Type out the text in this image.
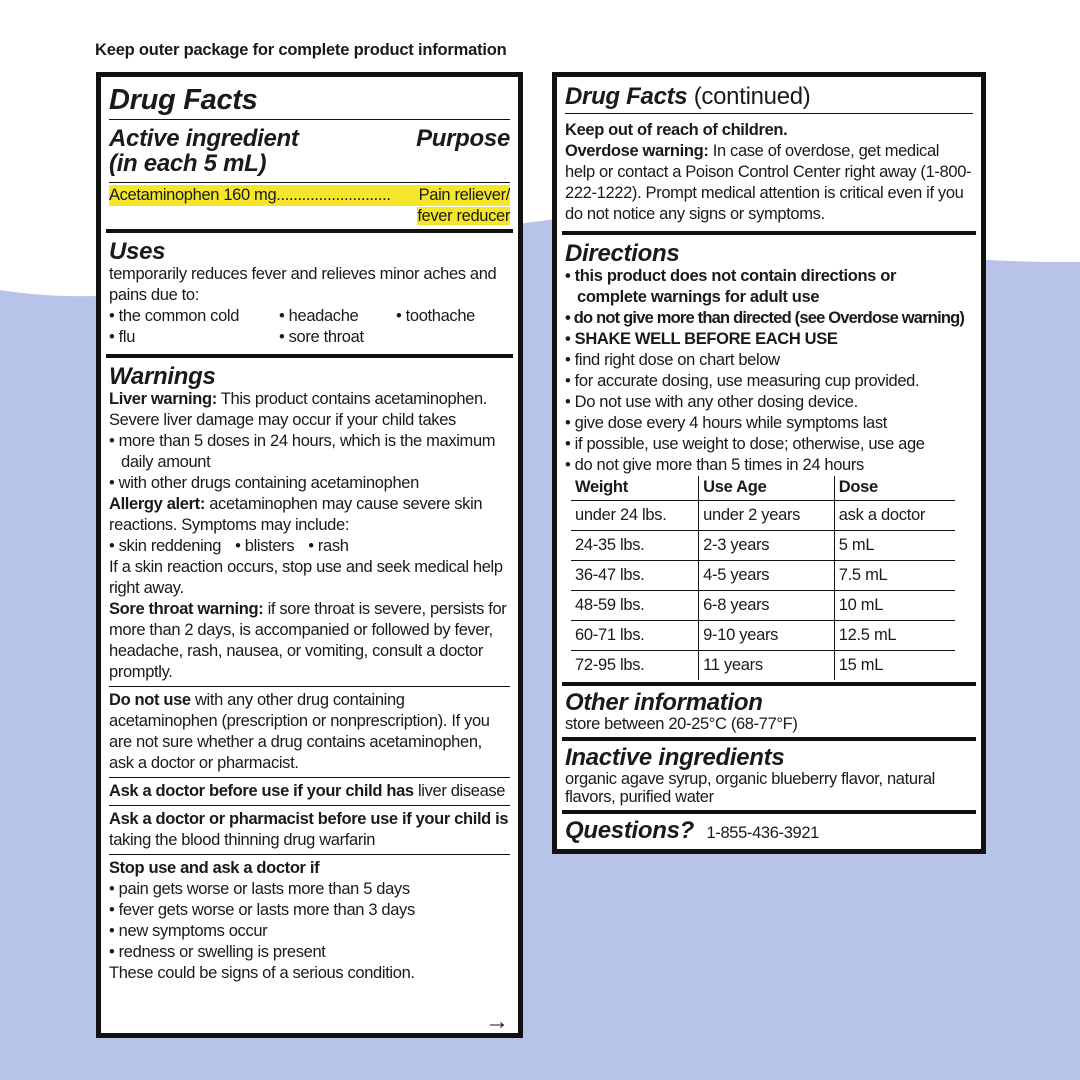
Keep outer package for complete product information
Drug Facts
Active ingredient
(in each 5 mL)
Purpose
Acetaminophen 160 mg...........................	Pain reliever/
fever reducer
Uses
temporarily reduces fever and relieves minor aches and pains due to:
• the common cold
• flu
• headache
• sore throat
• toothache
Warnings
Liver warning: This product contains acetaminophen. Severe liver damage may occur if your child takes
• more than 5 doses in 24 hours, which is the maximum daily amount
• with other drugs containing acetaminophen
Allergy alert: acetaminophen may cause severe skin reactions. Symptoms may include:
• skin reddening • blisters • rash
If a skin reaction occurs, stop use and seek medical help right away.
Sore throat warning: if sore throat is severe, persists for more than 2 days, is accompanied or followed by fever, headache, rash, nausea, or vomiting, consult a doctor promptly.
Do not use with any other drug containing acetaminophen (prescription or nonprescription). If you are not sure whether a drug contains acetaminophen, ask a doctor or pharmacist.
Ask a doctor before use if your child has liver disease
Ask a doctor or pharmacist before use if your child is taking the blood thinning drug warfarin
Stop use and ask a doctor if
• pain gets worse or lasts more than 5 days
• fever gets worse or lasts more than 3 days
• new symptoms occur
• redness or swelling is present
These could be signs of a serious condition.
→
Drug Facts (continued)
Keep out of reach of children.
Overdose warning: In case of overdose, get medical help or contact a Poison Control Center right away (1-800-222-1222). Prompt medical attention is critical even if you do not notice any signs or symptoms.
Directions
• this product does not contain directions or
complete warnings for adult use
• do not give more than directed (see Overdose warning)
• SHAKE WELL BEFORE EACH USE
• find right dose on chart below
• for accurate dosing, use measuring cup provided.
• Do not use with any other dosing device.
• give dose every 4 hours while symptoms last
• if possible, use weight to dose; otherwise, use age
• do not give more than 5 times in 24 hours
Weight	Use Age	Dose
under 24 lbs.	under 2 years	ask a doctor
24-35 lbs.	2-3 years	5 mL
36-47 lbs.	4-5 years	7.5 mL
48-59 lbs.	6-8 years	10 mL
60-71 lbs.	9-10 years	12.5 mL
72-95 lbs.	11 years	15 mL
Other information
store between 20-25°C (68-77°F)
Inactive ingredients
organic agave syrup, organic blueberry flavor, natural flavors, purified water
Questions? 1-855-436-3921
